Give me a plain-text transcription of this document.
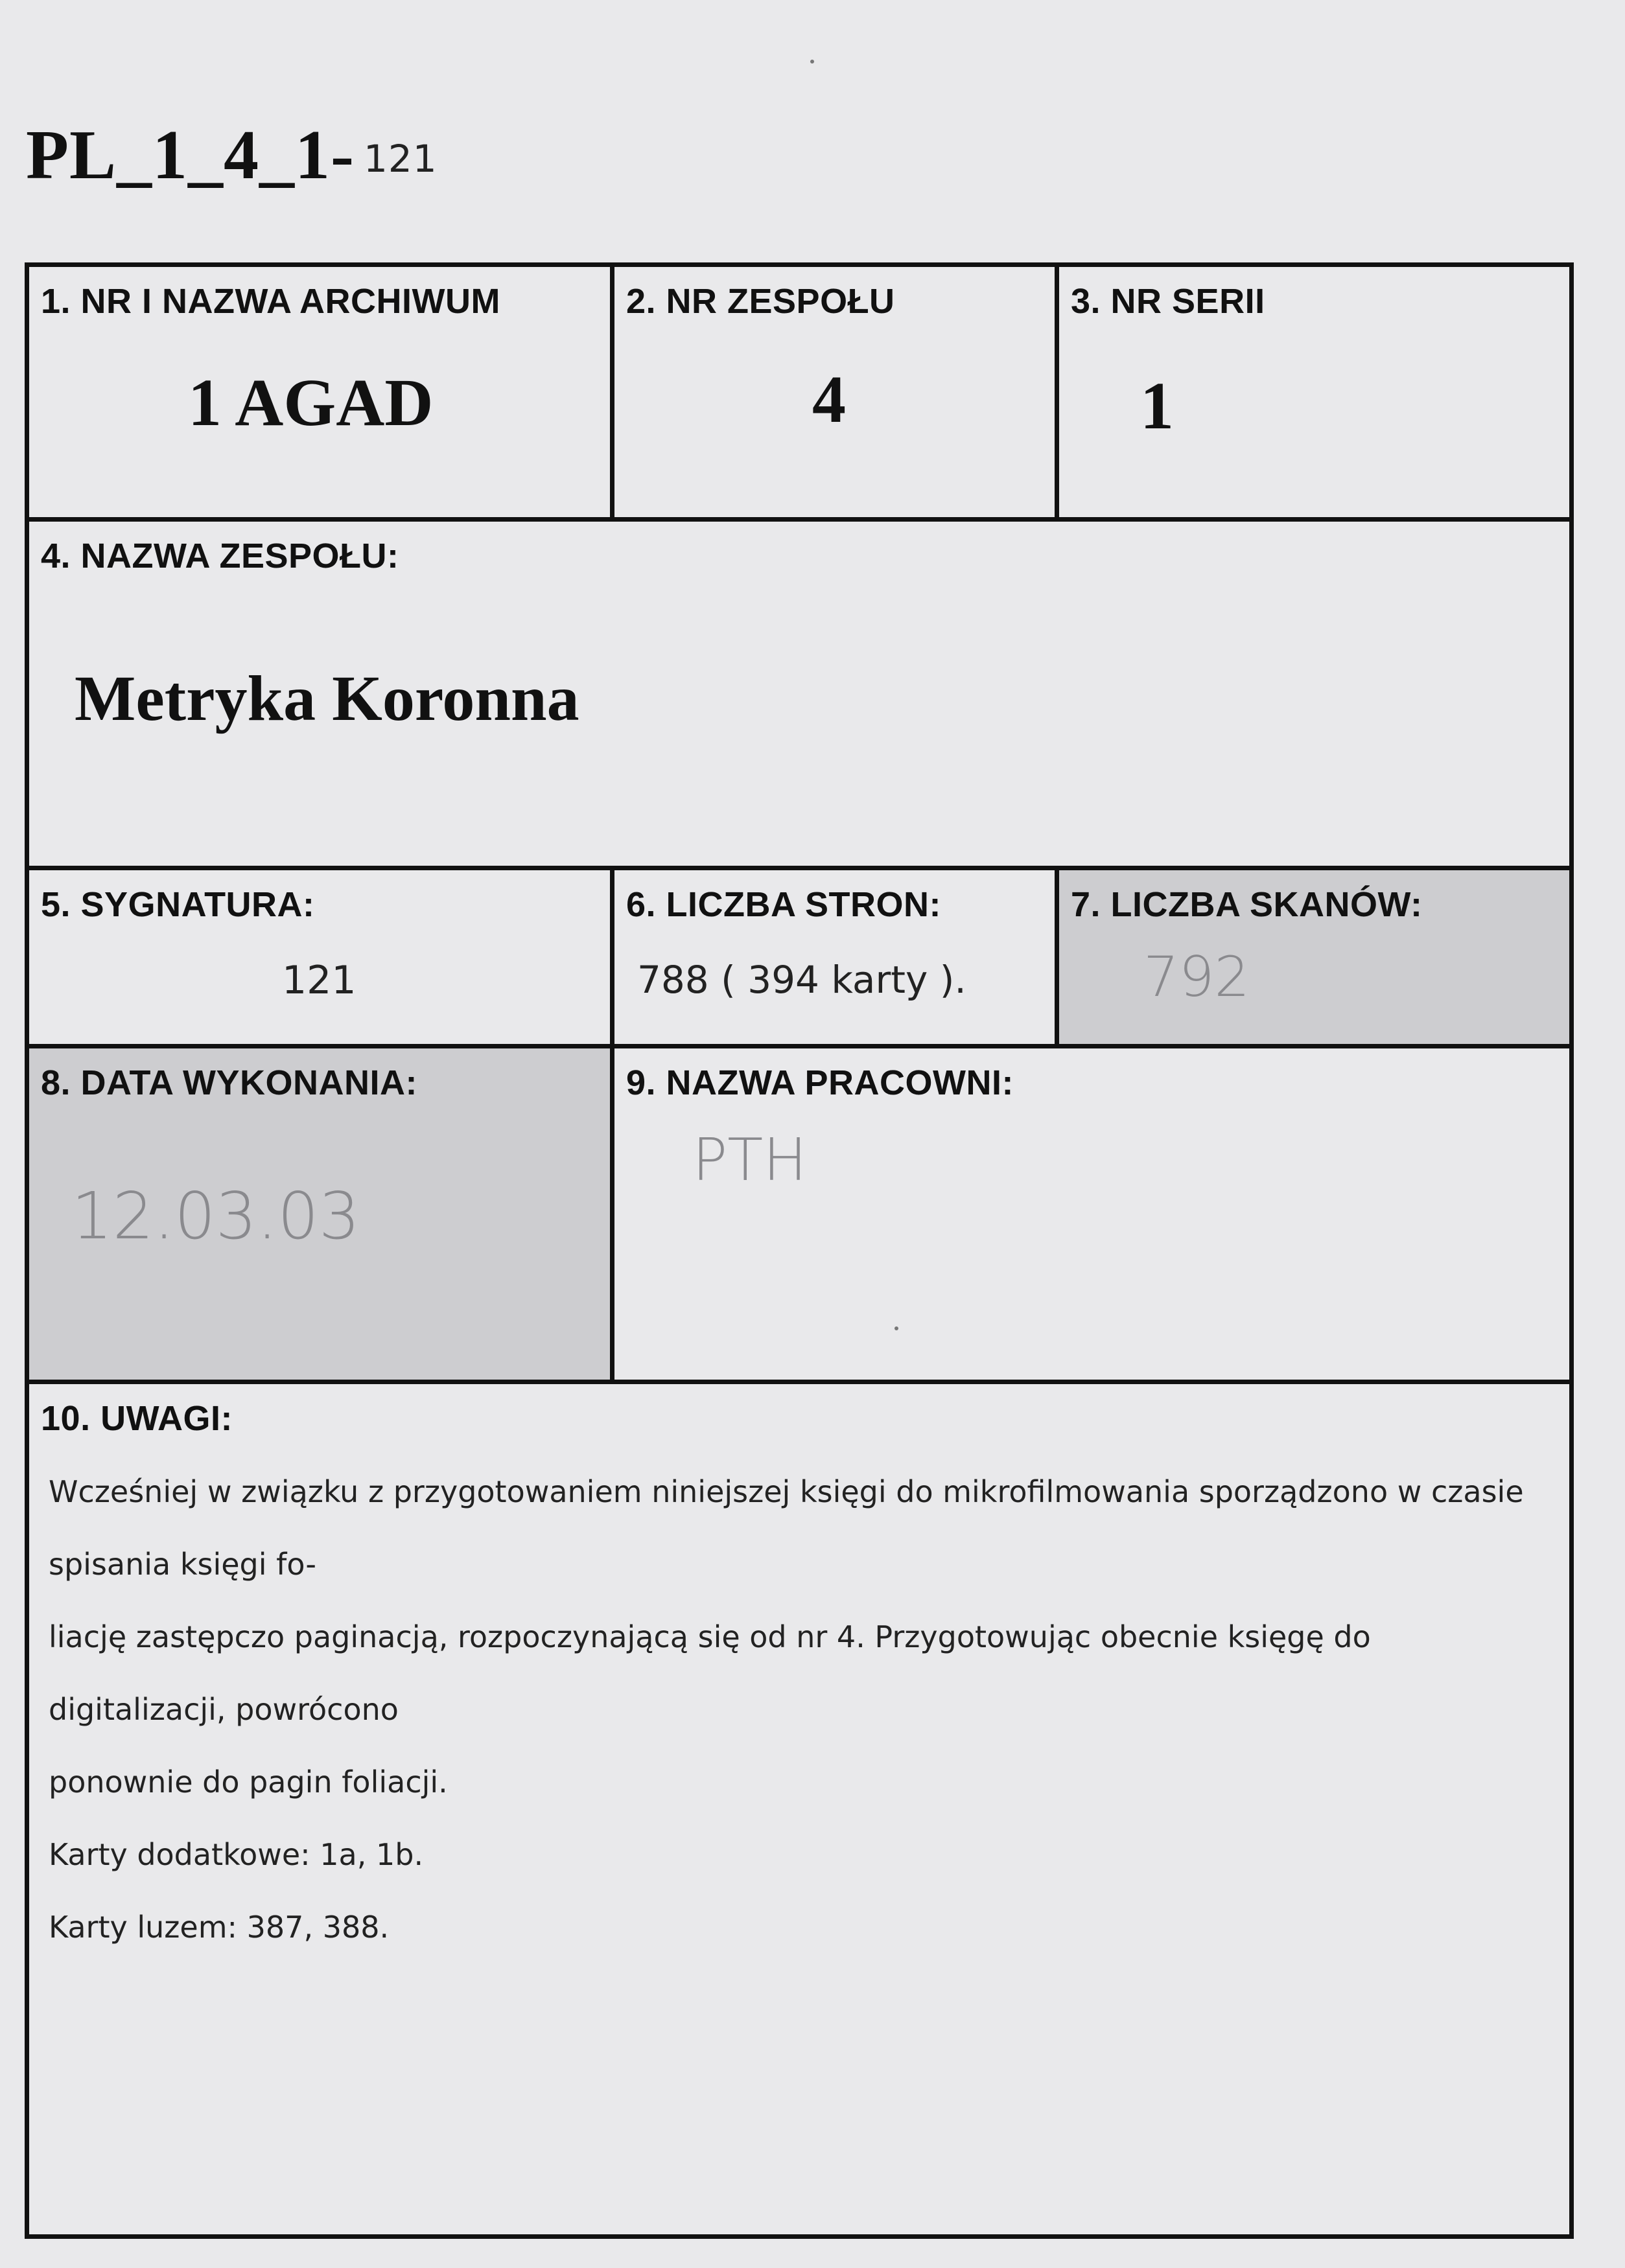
PL_1_4_1- 121
1. NR I NAZWA ARCHIWUM
1 AGAD
2. NR ZESPOŁU
4
3. NR SERII
1
4. NAZWA ZESPOŁU:
Metryka Koronna
5. SYGNATURA:
121
6. LICZBA STRON:
788 ( 394 karty ).
7. LICZBA SKANÓW:
792
8. DATA WYKONANIA:
12.03.03
9. NAZWA PRACOWNI:
PTH
10. UWAGI:

Wcześniej w związku z przygotowaniem niniejszej księgi do mikrofilmowania sporządzono w czasie spisania księgi fo-

liację zastępczo paginacją, rozpoczynającą się od nr 4. Przygotowując obecnie księgę do digitalizacji, powrócono

ponownie do pagin foliacji.

Karty dodatkowe: 1a, 1b.

Karty luzem: 387, 388.
